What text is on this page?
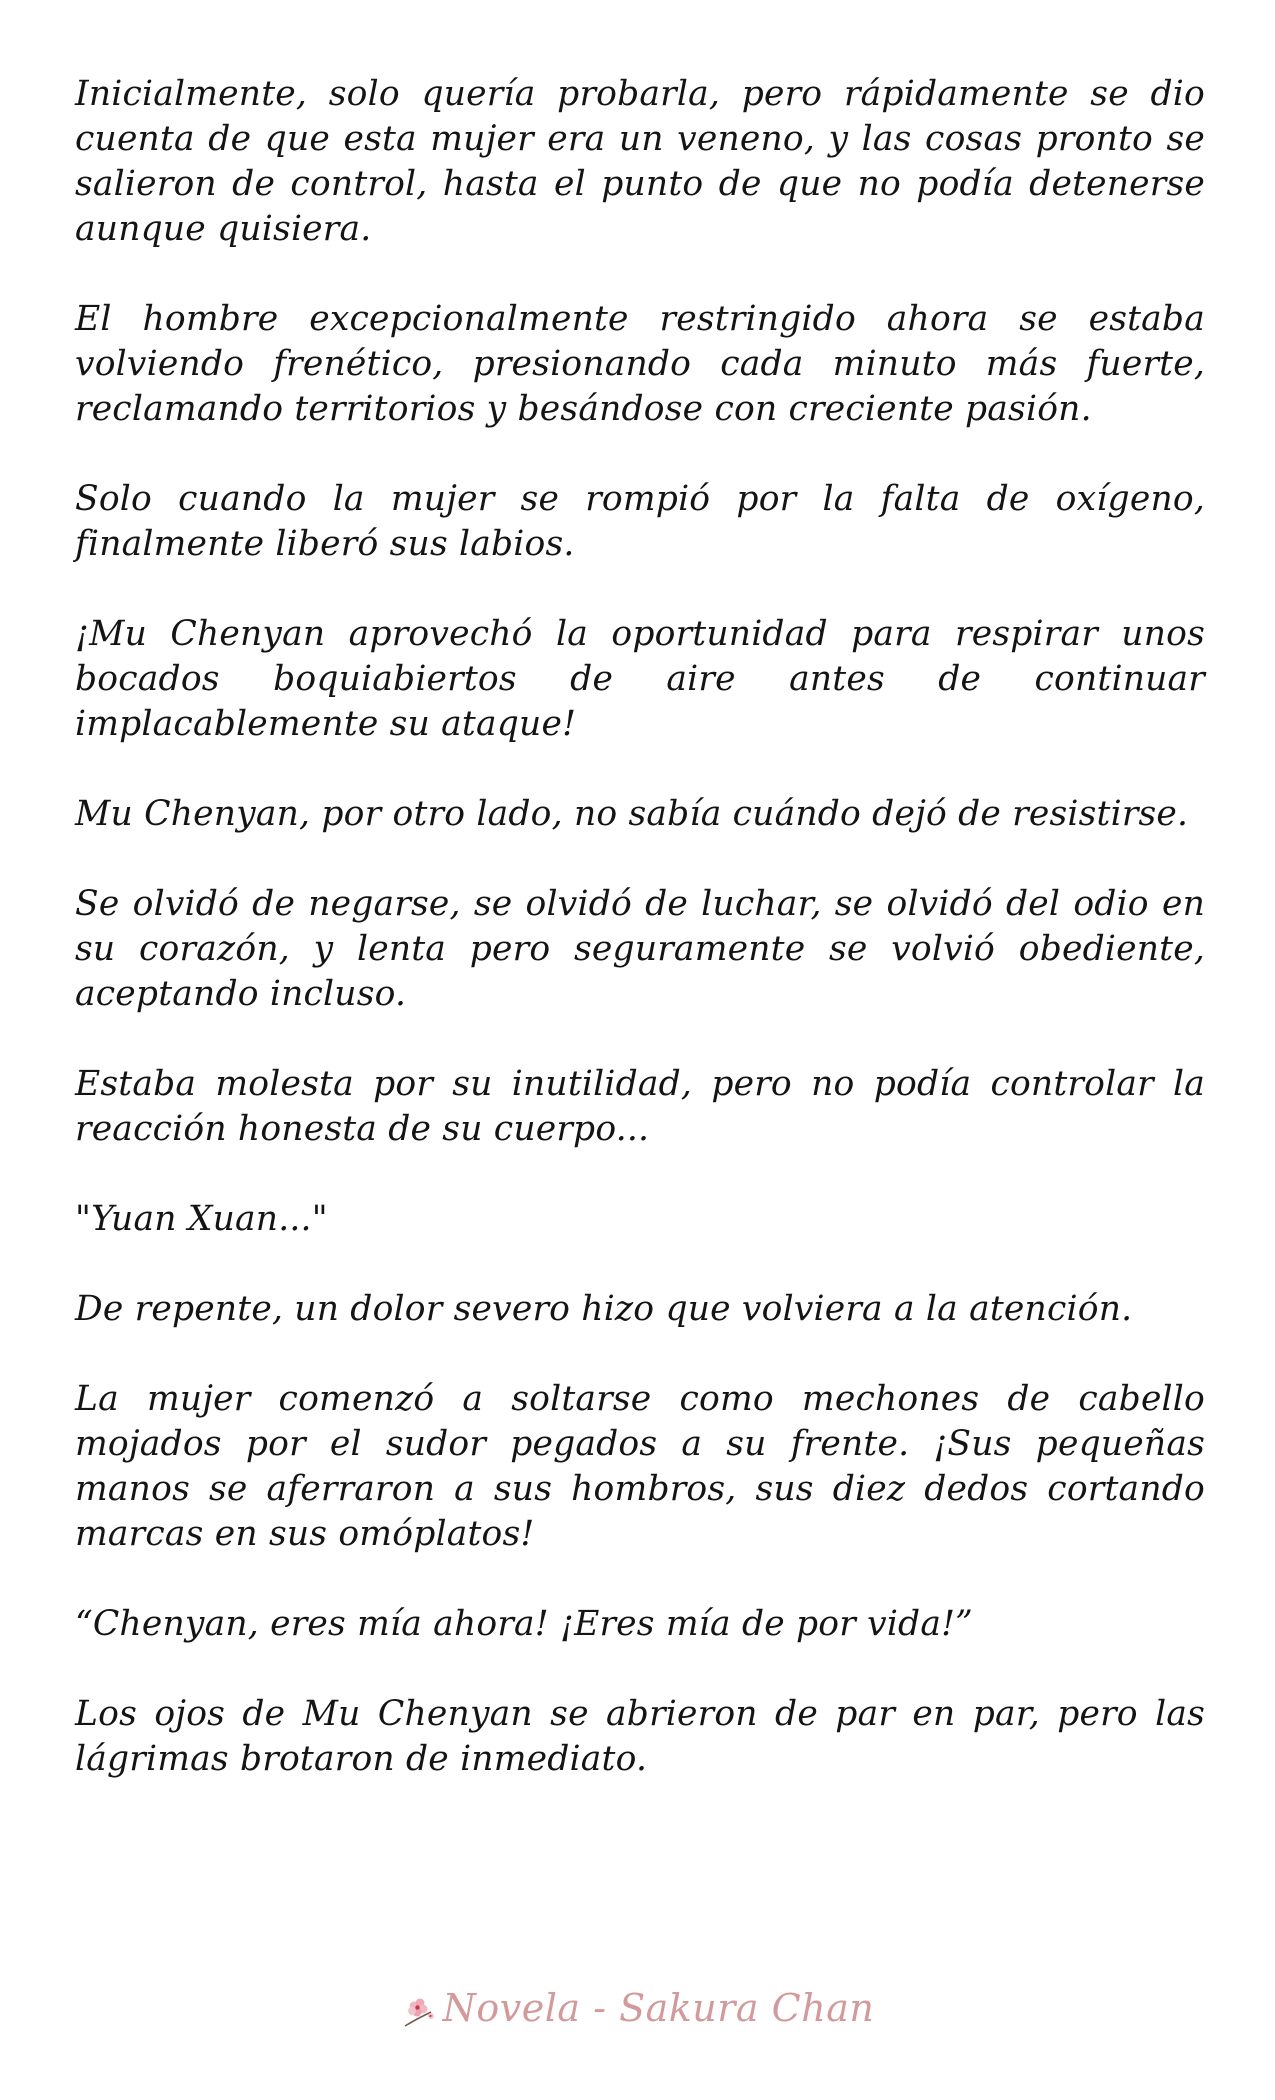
Inicialmente, solo quería probarla, pero rápidamente se dio cuenta de que esta mujer era un veneno, y las cosas pronto se salieron de control, hasta el punto de que no podía detenerse aunque quisiera.

El hombre excepcionalmente restringido ahora se estaba volviendo frenético, presionando cada minuto más fuerte, reclamando territorios y besándose con creciente pasión.

Solo cuando la mujer se rompió por la falta de oxígeno, finalmente liberó sus labios.

¡Mu Chenyan aprovechó la oportunidad para respirar unos bocados boquiabiertos de aire antes de continuar implacablemente su ataque!

Mu Chenyan, por otro lado, no sabía cuándo dejó de resistirse.

Se olvidó de negarse, se olvidó de luchar, se olvidó del odio en su corazón, y lenta pero seguramente se volvió obediente, aceptando incluso.

Estaba molesta por su inutilidad, pero no podía controlar la reacción honesta de su cuerpo...

"Yuan Xuan..."

De repente, un dolor severo hizo que volviera a la atención.

La mujer comenzó a soltarse como mechones de cabello mojados por el sudor pegados a su frente. ¡Sus pequeñas manos se aferraron a sus hombros, sus diez dedos cortando marcas en sus omóplatos!

“Chenyan, eres mía ahora! ¡Eres mía de por vida!”

Los ojos de Mu Chenyan se abrieron de par en par, pero las lágrimas brotaron de inmediato.

Novela - Sakura Chan
